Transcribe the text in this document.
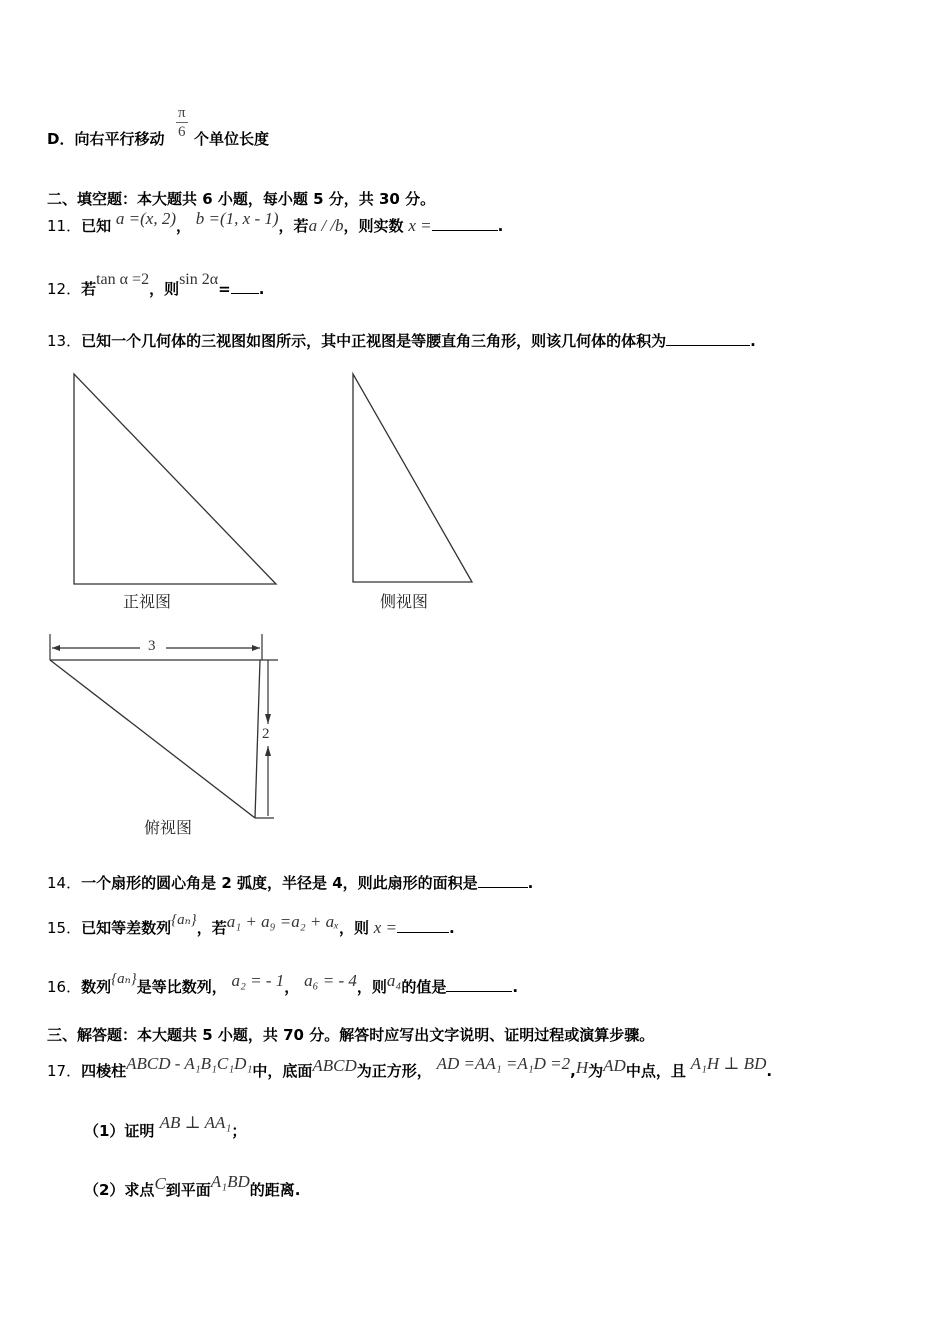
D．向右平行移动 $\frac{\pi}{6}$ 个单位长度
二、填空题：本大题共 6 小题，每小题 5 分，共 30 分。
11．已知 a =(x, 2)， b =(1, x - 1)，若a / /b，则实数 x =	.
12．若tan α =2，则sin 2α= .
13．已知一个几何体的三视图如图所示，其中正视图是等腰直角三角形，则该几何体的体积为	.
3
2
正视图	侧视图
俯视图
14．一个扇形的圆心角是 2 弧度，半径是 4，则此扇形的面积是	.
15．已知等差数列{aₙ}，若a₁ + a₉ =a₂ + aₓ，则 x =	.
16．数列{aₙ}是等比数列， a₂ = - 1， a₆ = - 4，则a₄的值是	.
三、解答题：本大题共 5 小题，共 70 分。解答时应写出文字说明、证明过程或演算步骤。
17．四棱柱ABCD - A₁B₁C₁D₁中，底面ABCD为正方形， AD =AA₁ =A₁D =2,H为AD中点，且 A₁H ⊥ BD.
（1）证明 AB ⊥ AA₁；
（2）求点C到平面A₁BD的距离.
